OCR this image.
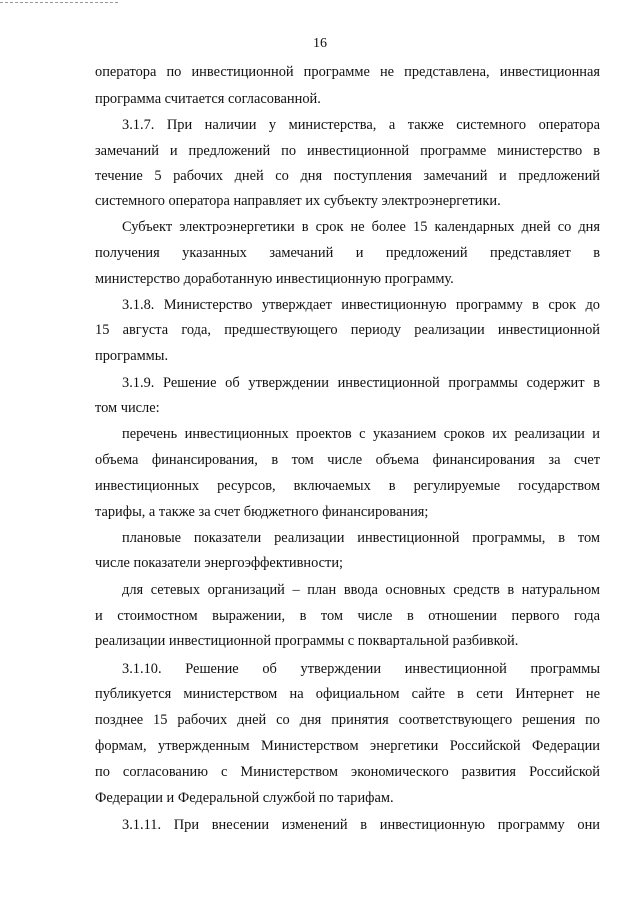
16
оператора по инвестиционной программе не представлена, инвестиционная
программа считается согласованной.
3.1.7. При наличии у министерства, а также системного оператора
замечаний и предложений по инвестиционной программе министерство в
течение 5 рабочих дней со дня поступления замечаний и предложений
системного оператора направляет их субъекту электроэнергетики.
Субъект электроэнергетики в срок не более 15 календарных дней со дня
получения указанных замечаний и предложений представляет в
министерство доработанную инвестиционную программу.
3.1.8. Министерство утверждает инвестиционную программу в срок до
15 августа года, предшествующего периоду реализации инвестиционной
программы.
3.1.9. Решение об утверждении инвестиционной программы содержит в
том числе:
перечень инвестиционных проектов с указанием сроков их реализации и
объема финансирования, в том числе объема финансирования за счет
инвестиционных ресурсов, включаемых в регулируемые государством
тарифы, а также за счет бюджетного финансирования;
плановые показатели реализации инвестиционной программы, в том
числе показатели энергоэффективности;
для сетевых организаций – план ввода основных средств в натуральном
и стоимостном выражении, в том числе в отношении первого года
реализации инвестиционной программы с поквартальной разбивкой.
3.1.10. Решение об утверждении инвестиционной программы
публикуется министерством на официальном сайте в сети Интернет не
позднее 15 рабочих дней со дня принятия соответствующего решения по
формам, утвержденным Министерством энергетики Российской Федерации
по согласованию с Министерством экономического развития Российской
Федерации и Федеральной службой по тарифам.
3.1.11. При внесении изменений в инвестиционную программу они
